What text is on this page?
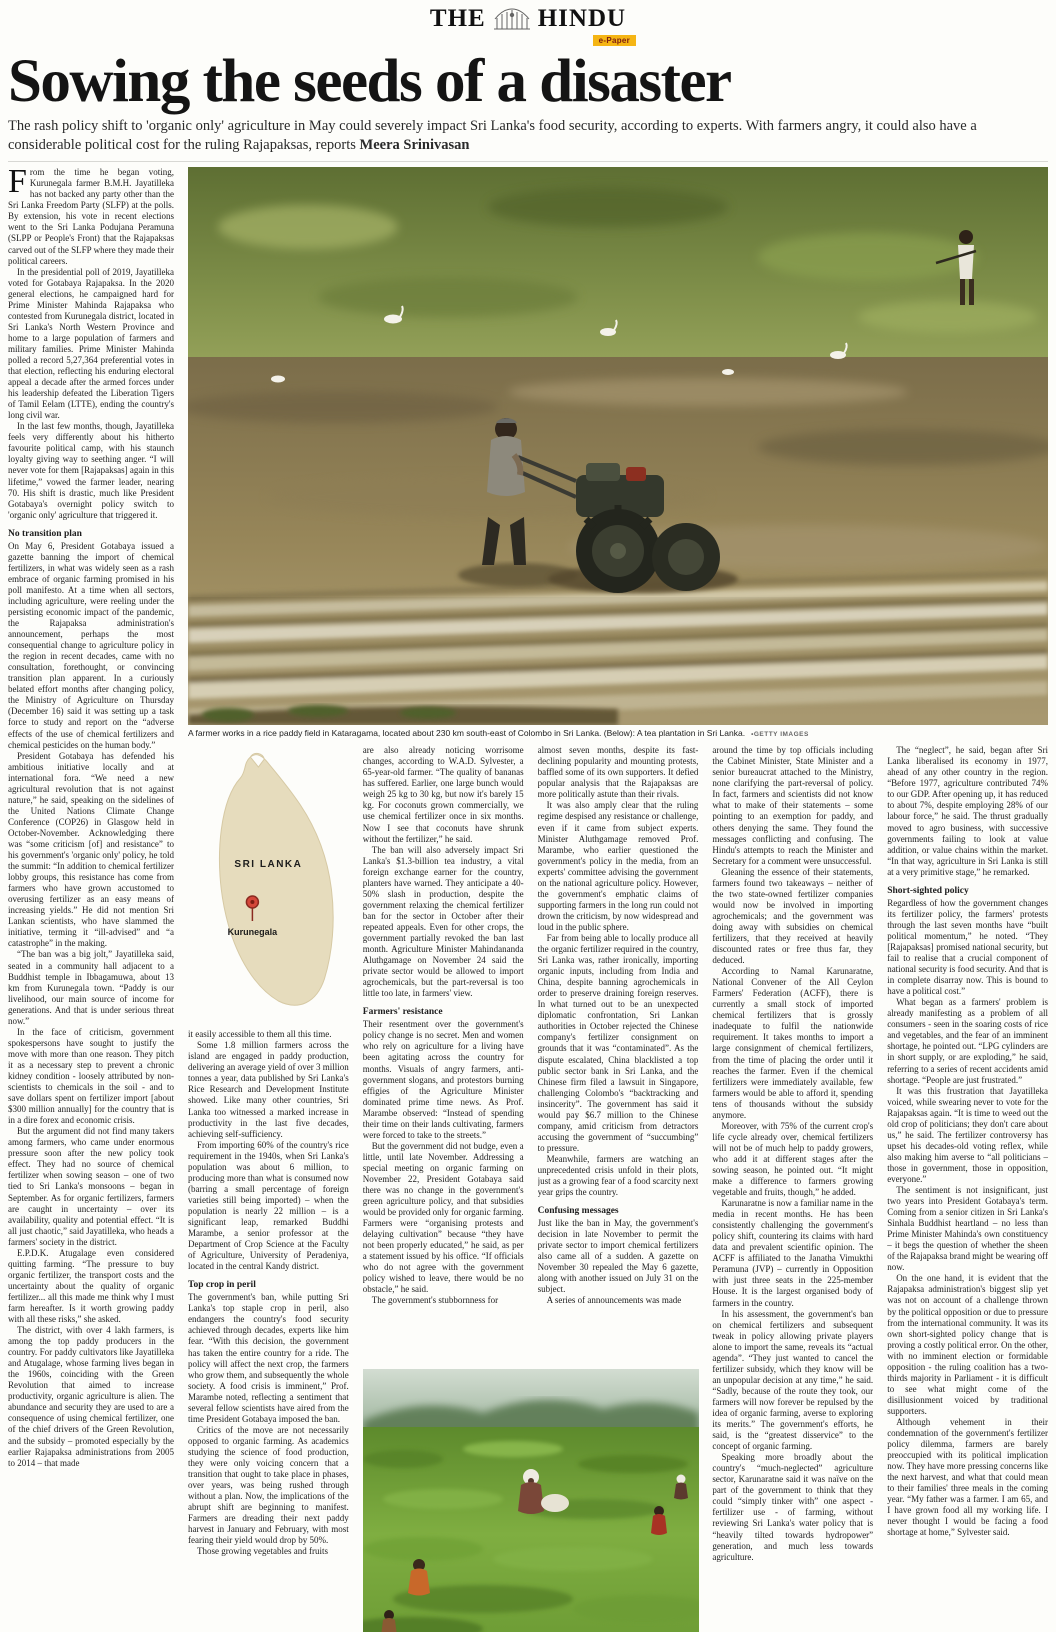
THE HINDU
e-Paper
Sowing the seeds of a disaster

The rash policy shift to 'organic only' agriculture in May could severely impact Sri Lanka's food security, according to experts. With farmers angry, it could also have a considerable political cost for the ruling Rajapaksas, reports Meera Srinivasan

From the time he began voting, Kurunegala farmer B.M.H. Jayatilleka has not backed any party other than the Sri Lanka Freedom Party (SLFP) at the polls. By extension, his vote in recent elections went to the Sri Lanka Podujana Peramuna (SLPP or People's Front) that the Rajapaksas carved out of the SLFP where they made their political careers.

In the presidential poll of 2019, Jayatilleka voted for Gotabaya Rajapaksa. In the 2020 general elections, he campaigned hard for Prime Minister Mahinda Rajapaksa who contested from Kurunegala district, located in Sri Lanka's North Western Province and home to a large population of farmers and military families. Prime Minister Mahinda polled a record 5,27,364 preferential votes in that election, reflecting his enduring electoral appeal a decade after the armed forces under his leadership defeated the Liberation Tigers of Tamil Eelam (LTTE), ending the country's long civil war.

In the last few months, though, Jayatilleka feels very differently about his hitherto favourite political camp, with his staunch loyalty giving way to seething anger. “I will never vote for them [Rajapaksas] again in this lifetime,” vowed the farmer leader, nearing 70. His shift is drastic, much like President Gotabaya's overnight policy switch to 'organic only' agriculture that triggered it.

No transition plan

On May 6, President Gotabaya issued a gazette banning the import of chemical fertilizers, in what was widely seen as a rash embrace of organic farming promised in his poll manifesto. At a time when all sectors, including agriculture, were reeling under the persisting economic impact of the pandemic, the Rajapaksa administration's announcement, perhaps the most consequential change to agriculture policy in the region in recent decades, came with no consultation, forethought, or convincing transition plan apparent. In a curiously belated effort months after changing policy, the Ministry of Agriculture on Thursday (December 16) said it was setting up a task force to study and report on the “adverse effects of the use of chemical fertilizers and chemical pesticides on the human body.”

President Gotabaya has defended his ambitious initiative locally and at international fora. “We need a new agricultural revolution that is not against nature,” he said, speaking on the sidelines of the United Nations Climate Change Conference (COP26) in Glasgow held in October-November. Acknowledging there was “some criticism [of] and resistance” to his government's 'organic only' policy, he told the summit: “In addition to chemical fertilizer lobby groups, this resistance has come from farmers who have grown accustomed to overusing fertilizer as an easy means of increasing yields.” He did not mention Sri Lankan scientists, who have slammed the initiative, terming it “ill-advised” and “a catastrophe” in the making.

“The ban was a big jolt,” Jayatilleka said, seated in a community hall adjacent to a Buddhist temple in Ibbagamuwa, about 13 km from Kurunegala town. “Paddy is our livelihood, our main source of income for generations. And that is under serious threat now.”

In the face of criticism, government spokespersons have sought to justify the move with more than one reason. They pitch it as a necessary step to prevent a chronic kidney condition - loosely attributed by non-scientists to chemicals in the soil - and to save dollars spent on fertilizer import [about $300 million annually] for the country that is in a dire forex and economic crisis.

But the argument did not find many takers among farmers, who came under enormous pressure soon after the new policy took effect. They had no source of chemical fertilizer when sowing season – one of two tied to Sri Lanka's monsoons – began in September. As for organic fertilizers, farmers are caught in uncertainty – over its availability, quality and potential effect. “It is all just chaotic,” said Jayatilleka, who heads a farmers' society in the district.

E.P.D.K. Atugalage even considered quitting farming. “The pressure to buy organic fertilizer, the transport costs and the uncertainty about the quality of organic fertilizer... all this made me think why I must farm hereafter. Is it worth growing paddy with all these risks,” she asked.

The district, with over 4 lakh farmers, is among the top paddy producers in the country. For paddy cultivators like Jayatilleka and Atugalage, whose farming lives began in the 1960s, coinciding with the Green Revolution that aimed to increase productivity, organic agriculture is alien. The abundance and security they are used to are a consequence of using chemical fertilizer, one of the chief drivers of the Green Revolution, and the subsidy – promoted especially by the earlier Rajapaksa administrations from 2005 to 2014 – that made

A farmer works in a rice paddy field in Kataragama, located about 230 km south-east of Colombo in Sri Lanka. (Below): A tea plantation in Sri Lanka. •GETTY IMAGES
SRI LANKA
Kurunegala

it easily accessible to them all this time.

Some 1.8 million farmers across the island are engaged in paddy production, delivering an average yield of over 3 million tonnes a year, data published by Sri Lanka's Rice Research and Development Institute showed. Like many other countries, Sri Lanka too witnessed a marked increase in productivity in the last five decades, achieving self-sufficiency.

From importing 60% of the country's rice requirement in the 1940s, when Sri Lanka's population was about 6 million, to producing more than what is consumed now (barring a small percentage of foreign varieties still being imported) – when the population is nearly 22 million – is a significant leap, remarked Buddhi Marambe, a senior professor at the Department of Crop Science at the Faculty of Agriculture, University of Peradeniya, located in the central Kandy district.

Top crop in peril

The government's ban, while putting Sri Lanka's top staple crop in peril, also endangers the country's food security achieved through decades, experts like him fear. “With this decision, the government has taken the entire country for a ride. The policy will affect the next crop, the farmers who grow them, and subsequently the whole society. A food crisis is imminent,” Prof. Marambe noted, reflecting a sentiment that several fellow scientists have aired from the time President Gotabaya imposed the ban.

Critics of the move are not necessarily opposed to organic farming. As academics studying the science of food production, they were only voicing concern that a transition that ought to take place in phases, over years, was being rushed through without a plan. Now, the implications of the abrupt shift are beginning to manifest. Farmers are dreading their next paddy harvest in January and February, with most fearing their yield would drop by 50%.

Those growing vegetables and fruits

are also already noticing worrisome changes, according to W.A.D. Sylvester, a 65-year-old farmer. “The quality of bananas has suffered. Earlier, one large bunch would weigh 25 kg to 30 kg, but now it's barely 15 kg. For coconuts grown commercially, we use chemical fertilizer once in six months. Now I see that coconuts have shrunk without the fertilizer,” he said.

The ban will also adversely impact Sri Lanka's $1.3-billion tea industry, a vital foreign exchange earner for the country, planters have warned. They anticipate a 40-50% slash in production, despite the government relaxing the chemical fertilizer ban for the sector in October after their repeated appeals. Even for other crops, the government partially revoked the ban last month. Agriculture Minister Mahindananda Aluthgamage on November 24 said the private sector would be allowed to import agrochemicals, but the part-reversal is too little too late, in farmers' view.

Farmers' resistance

Their resentment over the government's policy change is no secret. Men and women who rely on agriculture for a living have been agitating across the country for months. Visuals of angry farmers, anti-government slogans, and protestors burning effigies of the Agriculture Minister dominated prime time news. As Prof. Marambe observed: “Instead of spending their time on their lands cultivating, farmers were forced to take to the streets.”

But the government did not budge, even a little, until late November. Addressing a special meeting on organic farming on November 22, President Gotabaya said there was no change in the government's green agriculture policy, and that subsidies would be provided only for organic farming. Farmers were “organising protests and delaying cultivation” because “they have not been properly educated,” he said, as per a statement issued by his office. “If officials who do not agree with the government policy wished to leave, there would be no obstacle,” he said.

The government's stubbornness for

almost seven months, despite its fast-declining popularity and mounting protests, baffled some of its own supporters. It defied popular analysis that the Rajapaksas are more politically astute than their rivals.

It was also amply clear that the ruling regime despised any resistance or challenge, even if it came from subject experts. Minister Aluthgamage removed Prof. Marambe, who earlier questioned the government's policy in the media, from an experts' committee advising the government on the national agriculture policy. However, the government's emphatic claims of supporting farmers in the long run could not drown the criticism, by now widespread and loud in the public sphere.

Far from being able to locally produce all the organic fertilizer required in the country, Sri Lanka was, rather ironically, importing organic inputs, including from India and China, despite banning agrochemicals in order to preserve draining foreign reserves. In what turned out to be an unexpected diplomatic confrontation, Sri Lankan authorities in October rejected the Chinese company's fertilizer consignment on grounds that it was “contaminated”. As the dispute escalated, China blacklisted a top public sector bank in Sri Lanka, and the Chinese firm filed a lawsuit in Singapore, challenging Colombo's “backtracking and insincerity”. The government has said it would pay $6.7 million to the Chinese company, amid criticism from detractors accusing the government of “succumbing” to pressure.

Meanwhile, farmers are watching an unprecedented crisis unfold in their plots, just as a growing fear of a food scarcity next year grips the country.

Confusing messages

Just like the ban in May, the government's decision in late November to permit the private sector to import chemical fertilizers also came all of a sudden. A gazette on November 30 repealed the May 6 gazette, along with another issued on July 31 on the subject.

A series of announcements was made

around the time by top officials including the Cabinet Minister, State Minister and a senior bureaucrat attached to the Ministry, none clarifying the part-reversal of policy. In fact, farmers and scientists did not know what to make of their statements – some pointing to an exemption for paddy, and others denying the same. They found the messages conflicting and confusing. The Hindu's attempts to reach the Minister and Secretary for a comment were unsuccessful.

Gleaning the essence of their statements, farmers found two takeaways – neither of the two state-owned fertilizer companies would now be involved in importing agrochemicals; and the government was doing away with subsidies on chemical fertilizers, that they received at heavily discounted rates or free thus far, they deduced.

According to Namal Karunaratne, National Convener of the All Ceylon Farmers' Federation (ACFF), there is currently a small stock of imported chemical fertilizers that is grossly inadequate to fulfil the nationwide requirement. It takes months to import a large consignment of chemical fertilizers, from the time of placing the order until it reaches the farmer. Even if the chemical fertilizers were immediately available, few farmers would be able to afford it, spending tens of thousands without the subsidy anymore.

Moreover, with 75% of the current crop's life cycle already over, chemical fertilizers will not be of much help to paddy growers, who add it at different stages after the sowing season, he pointed out. “It might make a difference to farmers growing vegetable and fruits, though,” he added.

Karunaratne is now a familiar name in the media in recent months. He has been consistently challenging the government's policy shift, countering its claims with hard data and prevalent scientific opinion. The ACFF is affiliated to the Janatha Vimukthi Peramuna (JVP) – currently in Opposition with just three seats in the 225-member House. It is the largest organised body of farmers in the country.

In his assessment, the government's ban on chemical fertilizers and subsequent tweak in policy allowing private players alone to import the same, reveals its “actual agenda”. “They just wanted to cancel the fertilizer subsidy, which they know will be an unpopular decision at any time,” he said. “Sadly, because of the route they took, our farmers will now forever be repulsed by the idea of organic farming, averse to exploring its merits.” The government's efforts, he said, is the “greatest disservice” to the concept of organic farming.

Speaking more broadly about the country's “much-neglected” agriculture sector, Karunaratne said it was naïve on the part of the government to think that they could “simply tinker with” one aspect - fertilizer use - of farming, without reviewing Sri Lanka's water policy that is “heavily tilted towards hydropower” generation, and much less towards agriculture.

The “neglect”, he said, began after Sri Lanka liberalised its economy in 1977, ahead of any other country in the region. “Before 1977, agriculture contributed 74% to our GDP. After opening up, it has reduced to about 7%, despite employing 28% of our labour force,” he said. The thrust gradually moved to agro business, with successive governments failing to look at value addition, or value chains within the market. “In that way, agriculture in Sri Lanka is still at a very primitive stage,” he remarked.

Short-sighted policy

Regardless of how the government changes its fertilizer policy, the farmers' protests through the last seven months have “built political momentum,” he noted. “They [Rajapaksas] promised national security, but fail to realise that a crucial component of national security is food security. And that is in complete disarray now. This is bound to have a political cost.”

What began as a farmers' problem is already manifesting as a problem of all consumers - seen in the soaring costs of rice and vegetables, and the fear of an imminent shortage, he pointed out. “LPG cylinders are in short supply, or are exploding,” he said, referring to a series of recent accidents amid shortage. “People are just frustrated.”

It was this frustration that Jayatilleka voiced, while swearing never to vote for the Rajapaksas again. “It is time to weed out the old crop of politicians; they don't care about us,” he said. The fertilizer controversy has upset his decades-old voting reflex, while also making him averse to “all politicians – those in government, those in opposition, everyone.”

The sentiment is not insignificant, just two years into President Gotabaya's term. Coming from a senior citizen in Sri Lanka's Sinhala Buddhist heartland – no less than Prime Minister Mahinda's own constituency – it begs the question of whether the sheen of the Rajapaksa brand might be wearing off now.

On the one hand, it is evident that the Rajapaksa administration's biggest slip yet was not on account of a challenge thrown by the political opposition or due to pressure from the international community. It was its own short-sighted policy change that is proving a costly political error. On the other, with no imminent election or formidable opposition - the ruling coalition has a two-thirds majority in Parliament - it is difficult to see what might come of the disillusionment voiced by traditional supporters.

Although vehement in their condemnation of the government's fertilizer policy dilemma, farmers are barely preoccupied with its political implication now. They have more pressing concerns like the next harvest, and what that could mean to their families' three meals in the coming year. “My father was a farmer. I am 65, and I have grown food all my working life. I never thought I would be facing a food shortage at home,” Sylvester said.
